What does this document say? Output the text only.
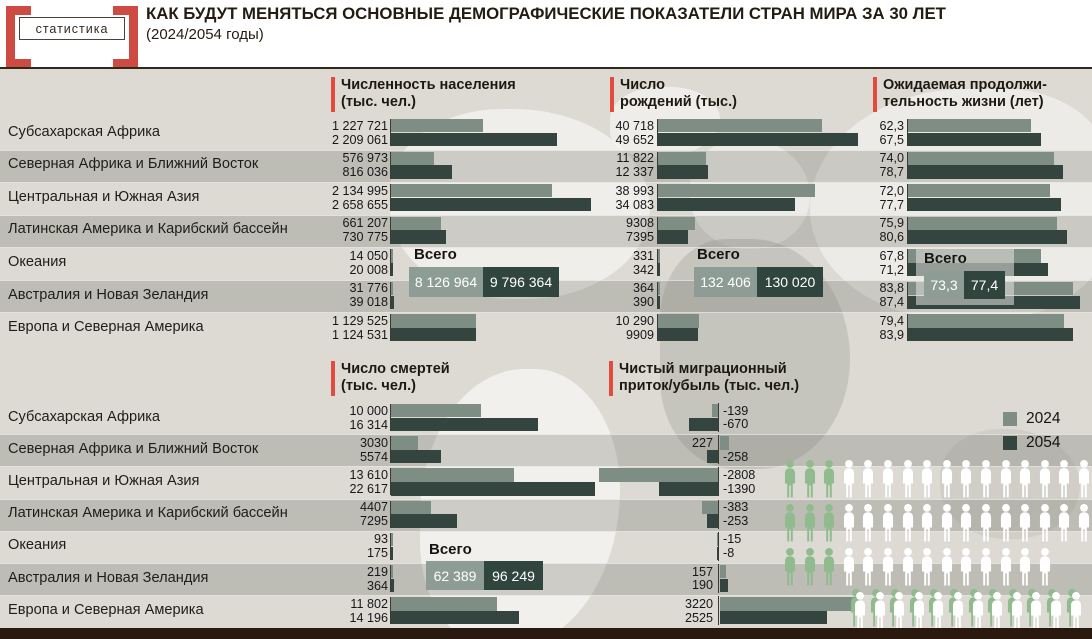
Субсахарская Африка
Северная Африка и Ближний Восток
Центральная и Южная Азия
Латинская Америка и Карибский бассейн
Океания
Австралия и Новая Зеландия
Европа и Северная Америка
Субсахарская Африка
Северная Африка и Ближний Восток
Центральная и Южная Азия
Латинская Америка и Карибский бассейн
Океания
Австралия и Новая Зеландия
Европа и Северная Америка
1 227 721
2 209 061
576 973
816 036
2 134 995
2 658 655
661 207
730 775
14 050
20 008
31 776
39 018
1 129 525
1 124 531
40 718
49 652
11 822
12 337
38 993
34 083
9308
7395
331
342
364
390
10 290
9909
62,3
67,5
74,0
78,7
72,0
77,7
75,9
80,6
67,8
71,2
83,8
87,4
79,4
83,9
10 000
16 314
3030
5574
13 610
22 617
4407
7295
93
175
219
364
11 802
14 196
-139
-670
227
-258
-2808
-1390
-383
-253
-15
-8
157
190
3220
2525
статистика
КАК БУДУТ МЕНЯТЬСЯ ОСНОВНЫЕ ДЕМОГРАФИЧЕСКИЕ ПОКАЗАТЕЛИ СТРАН МИРА ЗА 30 ЛЕТ
(2024/2054 годы)
Численность населения
(тыс. чел.)
Число
рождений (тыс.)
Ожидаемая продолжи-
тельность жизни (лет)
Число смертей
(тыс. чел.)
Чистый миграционный
приток/убыль (тыс. чел.)
Всего
8 126 964 9 796 364
Всего
132 406 130 020
Всего
73,3 77,4
Всего
62 389	96 249
2024
2054
